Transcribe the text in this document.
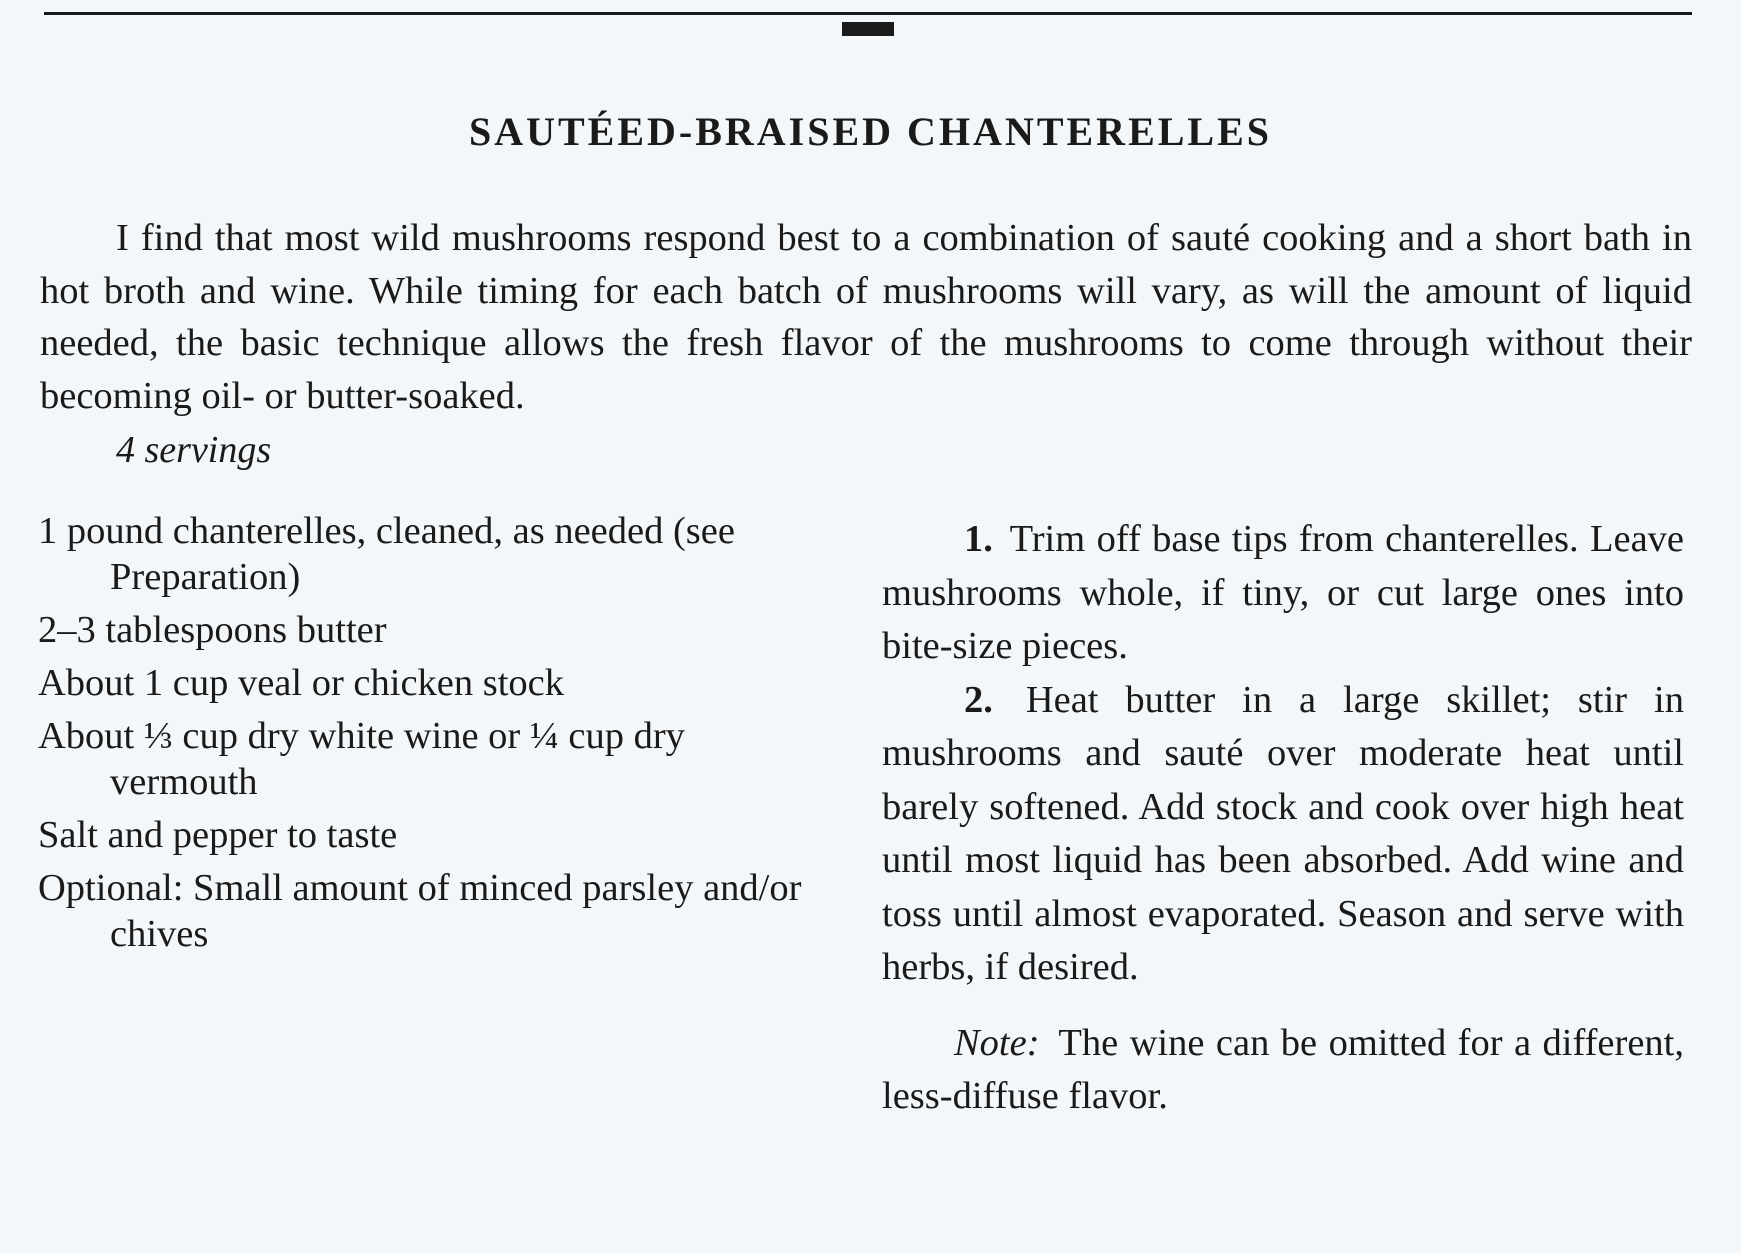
SAUTÉED-BRAISED CHANTERELLES

I find that most wild mushrooms respond best to a combination of sauté cooking and a short bath in hot broth and wine. While timing for each batch of mushrooms will vary, as will the amount of liquid needed, the basic technique allows the fresh flavor of the mushrooms to come through without their becoming oil- or butter-soaked.

4 servings

1 pound chanterelles, cleaned, as needed (see Preparation)
2–3 tablespoons butter
About 1 cup veal or chicken stock
About ⅓ cup dry white wine or ¼ cup dry vermouth
Salt and pepper to taste
Optional: Small amount of minced parsley and/or chives

1. Trim off base tips from chanterelles. Leave mushrooms whole, if tiny, or cut large ones into bite-size pieces.

2. Heat butter in a large skillet; stir in mushrooms and sauté over moderate heat until barely softened. Add stock and cook over high heat until most liquid has been absorbed. Add wine and toss until almost evaporated. Season and serve with herbs, if desired.

Note: The wine can be omitted for a different, less-diffuse flavor.
